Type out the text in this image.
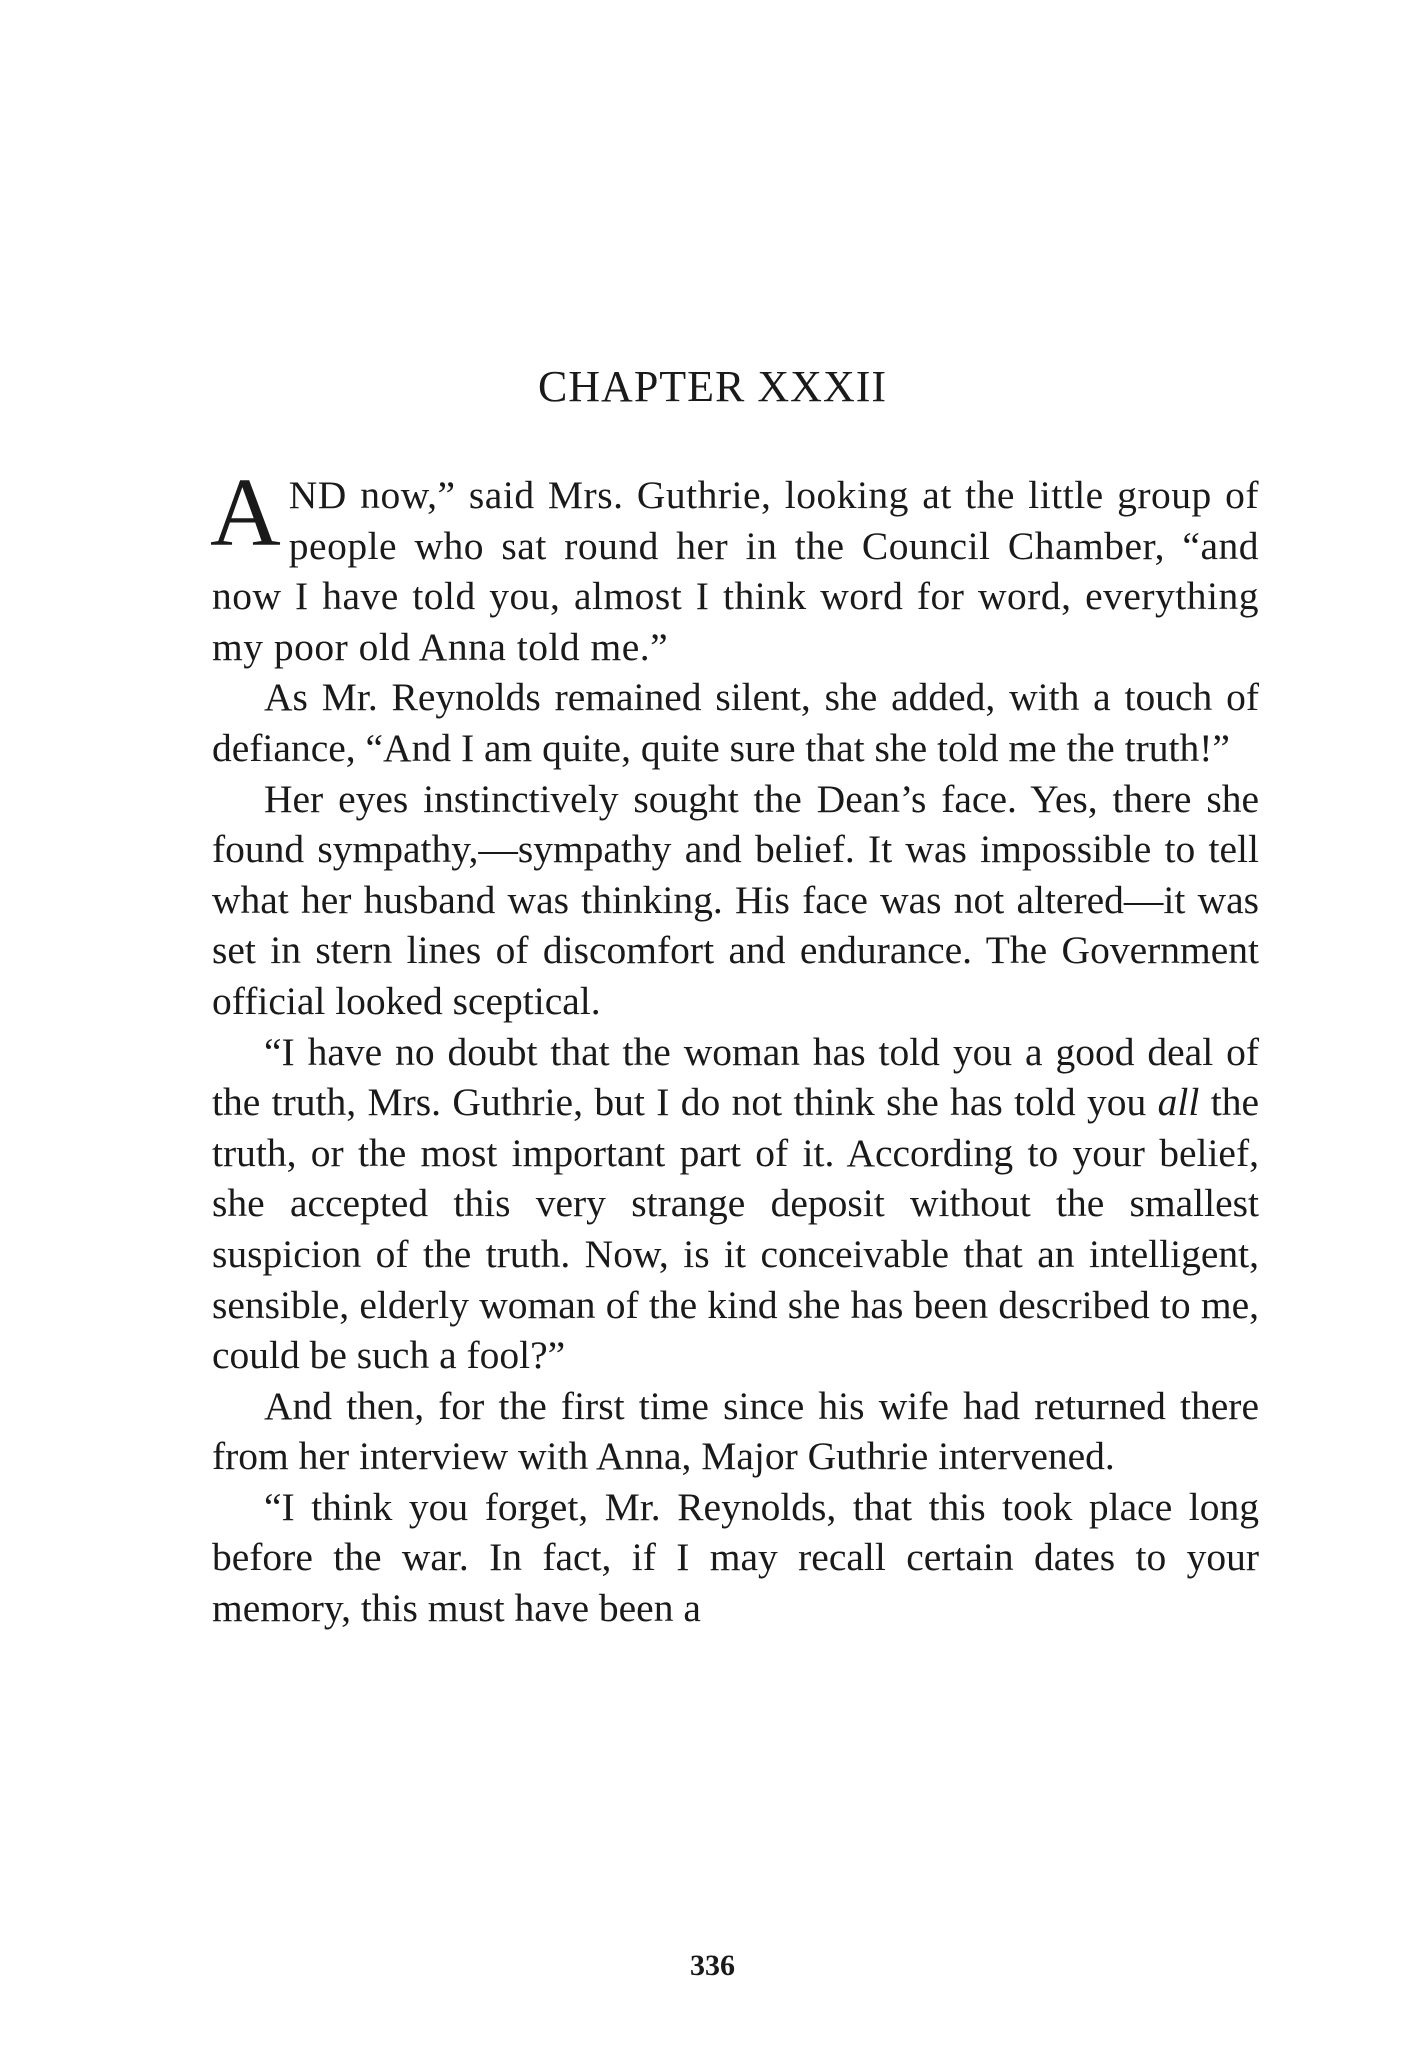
CHAPTER XXXII

AND now,” said Mrs. Guthrie, looking at the little group of people who sat round her in the Council Chamber, “and now I have told you, almost I think word for word, everything my poor old Anna told me.”

As Mr. Reynolds remained silent, she added, with a touch of defiance, “And I am quite, quite sure that she told me the truth!”

Her eyes instinctively sought the Dean’s face. Yes, there she found sympathy,—sympathy and belief. It was impossible to tell what her husband was thinking. His face was not altered—it was set in stern lines of discomfort and endurance. The Government official looked sceptical.

“I have no doubt that the woman has told you a good deal of the truth, Mrs. Guthrie, but I do not think she has told you all the truth, or the most important part of it. According to your belief, she accepted this very strange deposit without the smallest suspicion of the truth. Now, is it conceivable that an intelligent, sensible, elderly woman of the kind she has been described to me, could be such a fool?”

And then, for the first time since his wife had returned there from her interview with Anna, Major Guthrie intervened.

“I think you forget, Mr. Reynolds, that this took place long before the war. In fact, if I may recall certain dates to your memory, this must have been a

336
